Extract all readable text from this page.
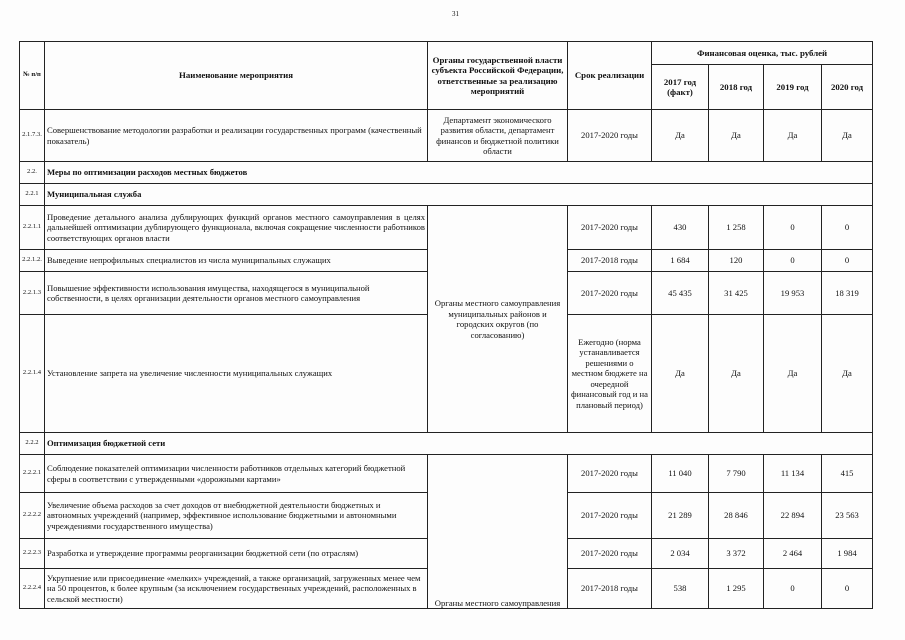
31
№ п/п	Наименование мероприятия	Органы государственной власти субъекта Российской Федерации, ответственные за реализацию мероприятий	Срок реализации	Финансовая оценка, тыс. рублей			
				2017 год (факт)	2018 год	2019 год	2020 год
2.1.7.3.	Совершенствование методологии разработки и реализации государственных программ (качественный показатель)	Департамент экономического развития области, департамент финансов и бюджетной политики области	2017-2020 годы	Да	Да	Да	Да
2.2.	Меры по оптимизации расходов местных бюджетов						
2.2.1	Муниципальная служба						
2.2.1.1	Проведение детального анализа дублирующих функций органов местного самоуправления в целях дальнейшей оптимизации дублирующего функционала, включая сокращение численности работников соответствующих органов власти	Органы местного самоуправления муниципальных районов и городских округов (по согласованию)	2017-2020 годы	430	1 258	0	0
2.2.1.2.	Выведение непрофильных специалистов из числа муниципальных служащих		2017-2018 годы	1 684	120	0	0
2.2.1.3	Повышение эффективности использования имущества, находящегося в муниципальной собственности, в целях организации деятельности органов местного самоуправления		2017-2020 годы	45 435	31 425	19 953	18 319
2.2.1.4	Установление запрета на увеличение численности муниципальных служащих		Ежегодно (норма устанавливается решениями о местном бюджете на очередной финансовый год и на плановый период)	Да	Да	Да	Да
2.2.2	Оптимизация бюджетной сети						
2.2.2.1	Соблюдение показателей оптимизации численности работников отдельных категорий бюджетной сферы в соответствии с утвержденными «дорожными картами»	Органы местного самоуправления	2017-2020 годы	11 040	7 790	11 134	415
2.2.2.2	Увеличение объема расходов за счет доходов от внебюджетной деятельности бюджетных и автономных учреждений (например, эффективное использование бюджетными и автономными учреждениями государственного имущества)		2017-2020 годы	21 289	28 846	22 894	23 563
2.2.2.3	Разработка и утверждение программы реорганизации бюджетной сети (по отраслям)		2017-2020 годы	2 034	3 372	2 464	1 984
2.2.2.4	Укрупнение или присоединение «мелких» учреждений, а также организаций, загруженных менее чем на 50 процентов, к более крупным (за исключением государственных учреждений, расположенных в сельской местности)		2017-2018 годы	538	1 295	0	0
